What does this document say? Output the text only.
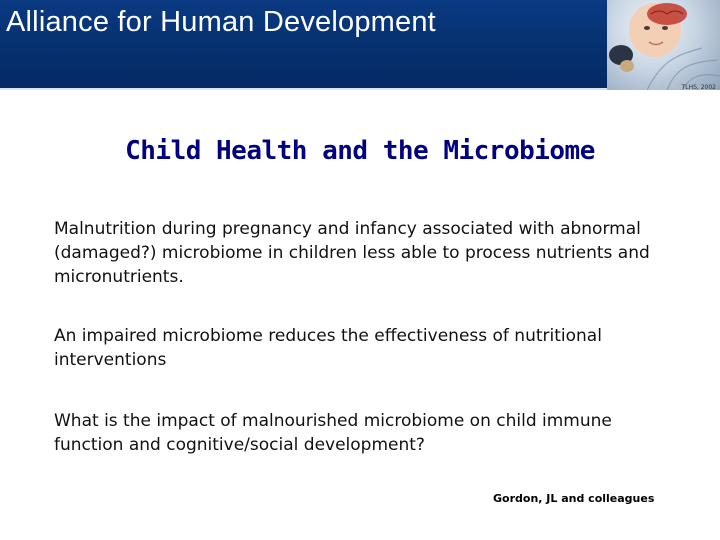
Alliance for Human Development
TLHS, 2002
Child Health and the Microbiome
Malnutrition during pregnancy and infancy associated with abnormal (damaged?) microbiome in children less able to process nutrients and micronutrients.
An impaired microbiome reduces the effectiveness of nutritional interventions
What is the impact of malnourished microbiome on child immune function and cognitive/social development?
Gordon, JL and colleagues
